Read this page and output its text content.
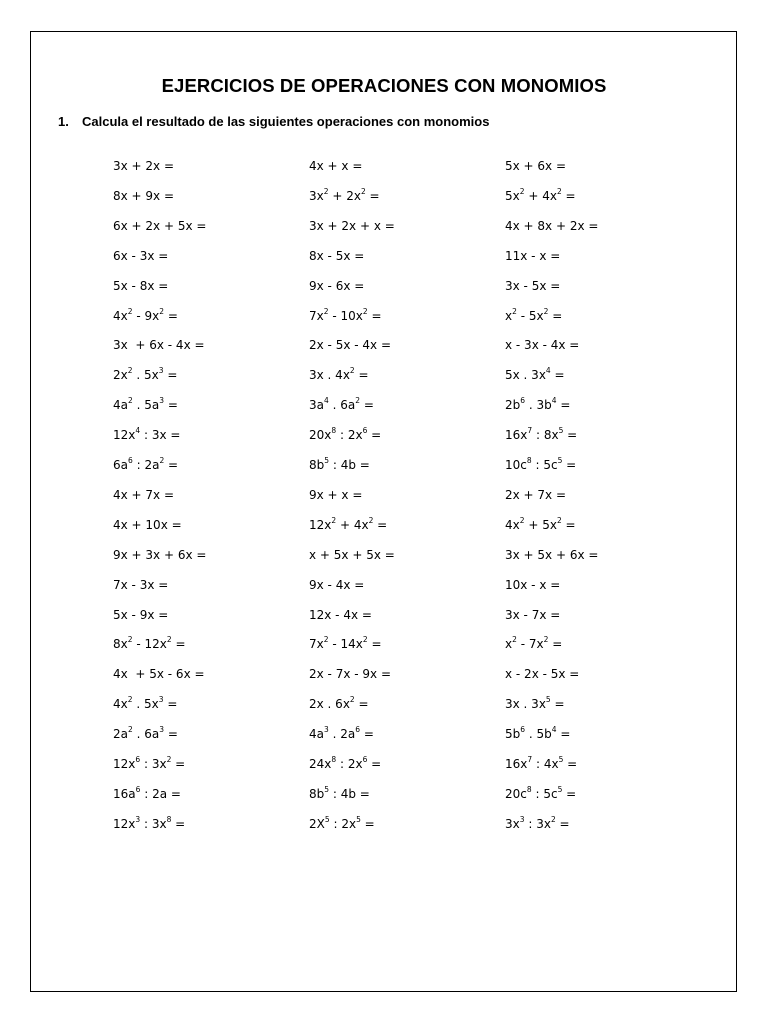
EJERCICIOS DE OPERACIONES CON MONOMIOS
1. Calcula el resultado de las siguientes operaciones con monomios
3x + 2x =	4x + x =	5x + 6x =
8x + 9x =	$3x^2 + 2x^2$ =	$5x^2 + 4x^2$ =
6x + 2x + 5x =	3x + 2x + x =	4x + 8x + 2x =
6x - 3x =	8x - 5x =	11x - x =
5x - 8x =	9x - 6x =	3x - 5x =
$4x^2 - 9x^2$ =	$7x^2 - 10x^2$ =	$x^2 - 5x^2$ =
3x  + 6x - 4x =	2x - 5x - 4x =	x - 3x - 4x =
$2x^2$ . $5x^3$ =	3x . $4x^2$ =	5x . $3x^4$ =
$4a^2$ . $5a^3$ =	$3a^4$ . $6a^2$ =	$2b^6$ . $3b^4$ =
$12x^4$ : 3x =	$20x^8$ : $2x^6$ =	$16x^7$ : $8x^5$ =
$6a^6$ : $2a^2$ =	$8b^5$ : 4b =	$10c^8$ : $5c^5$ =
4x + 7x =	9x + x =	2x + 7x =
4x + 10x =	$12x^2 + 4x^2$ =	$4x^2 + 5x^2$ =
9x + 3x + 6x =	x + 5x + 5x =	3x + 5x + 6x =
7x - 3x =	9x - 4x =	10x - x =
5x - 9x =	12x - 4x =	3x - 7x =
$8x^2 - 12x^2$ =	$7x^2 - 14x^2$ =	$x^2 - 7x^2$ =
4x  + 5x - 6x =	2x - 7x - 9x =	x - 2x - 5x =
$4x^2$ . $5x^3$ =	2x . $6x^2$ =	3x . $3x^5$ =
$2a^2$ . $6a^3$ =	$4a^3$ . $2a^6$ =	$5b^6$ . $5b^4$ =
$12x^6$ : $3x^2$ =	$24x^8$ : $2x^6$ =	$16x^7$ : $4x^5$ =
$16a^6$ : 2a =	$8b^5$ : 4b =	$20c^8$ : $5c^5$ =
$12x^3$ : $3x^8$ =	$2X^5$ : $2x^5$ =	$3x^3$ : $3x^2$ =
